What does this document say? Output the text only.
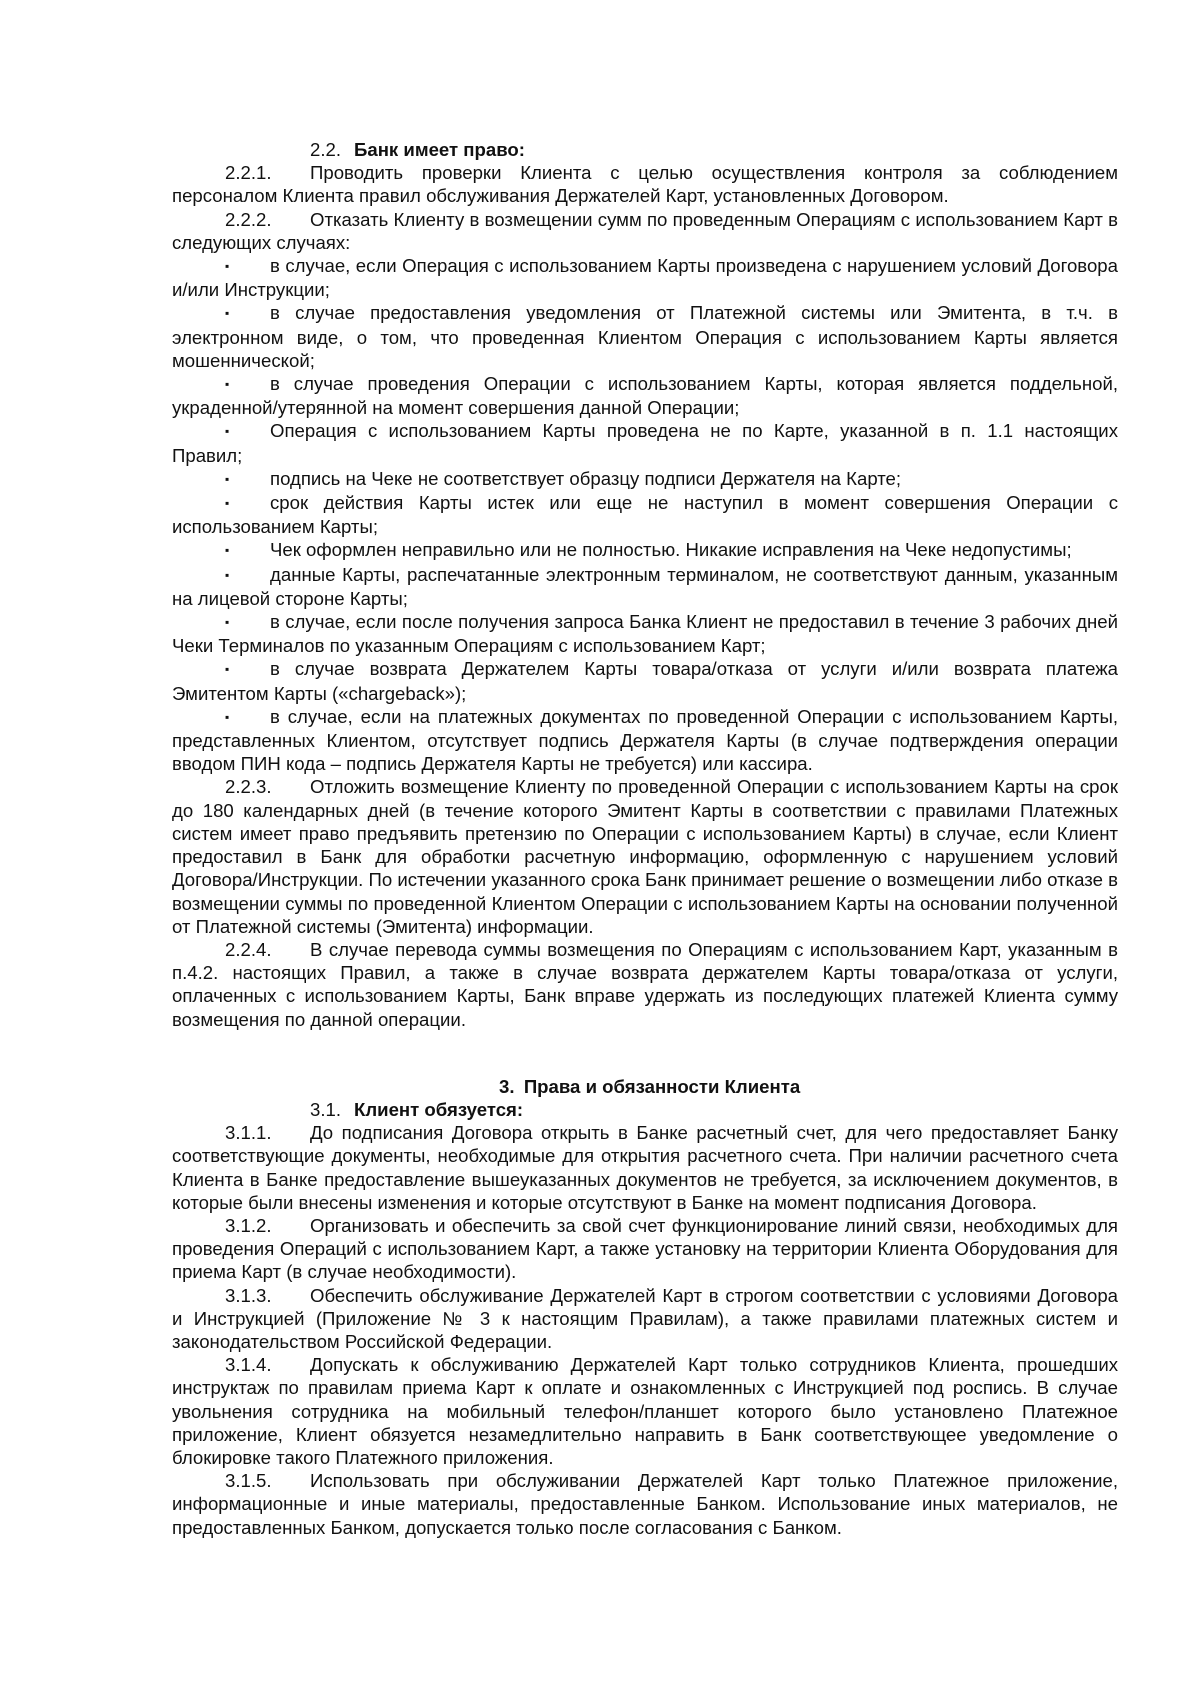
2.2. Банк имеет право:

2.2.1. Проводить проверки Клиента с целью осуществления контроля за соблюдением персоналом Клиента правил обслуживания Держателей Карт, установленных Договором.

2.2.2. Отказать Клиенту в возмещении сумм по проведенным Операциям с использованием Карт в следующих случаях:

▪ в случае, если Операция с использованием Карты произведена с нарушением условий Договора и/или Инструкции;

▪ в случае предоставления уведомления от Платежной системы или Эмитента, в т.ч. в электронном виде, о том, что проведенная Клиентом Операция с использованием Карты является мошеннической;

▪ в случае проведения Операции с использованием Карты, которая является поддельной, украденной/утерянной на момент совершения данной Операции;

▪ Операция с использованием Карты проведена не по Карте, указанной в п. 1.1 настоящих Правил;

▪ подпись на Чеке не соответствует образцу подписи Держателя на Карте;

▪ срок действия Карты истек или еще не наступил в момент совершения Операции с использованием Карты;

▪ Чек оформлен неправильно или не полностью. Никакие исправления на Чеке недопустимы;

▪ данные Карты, распечатанные электронным терминалом, не соответствуют данным, указанным на лицевой стороне Карты;

▪ в случае, если после получения запроса Банка Клиент не предоставил в течение 3 рабочих дней Чеки Терминалов по указанным Операциям с использованием Карт;

▪ в случае возврата Держателем Карты товара/отказа от услуги и/или возврата платежа Эмитентом Карты («chargeback»);

▪ в случае, если на платежных документах по проведенной Операции с использованием Карты, представленных Клиентом, отсутствует подпись Держателя Карты (в случае подтверждения операции вводом ПИН кода – подпись Держателя Карты не требуется) или кассира.

2.2.3. Отложить возмещение Клиенту по проведенной Операции с использованием Карты на срок до 180 календарных дней (в течение которого Эмитент Карты в соответствии с правилами Платежных систем имеет право предъявить претензию по Операции с использованием Карты) в случае, если Клиент предоставил в Банк для обработки расчетную информацию, оформленную с нарушением условий Договора/Инструкции. По истечении указанного срока Банк принимает решение о возмещении либо отказе в возмещении суммы по проведенной Клиентом Операции с использованием Карты на основании полученной от Платежной системы (Эмитента) информации.

2.2.4. В случае перевода суммы возмещения по Операциям с использованием Карт, указанным в п.4.2. настоящих Правил, а также в случае возврата держателем Карты товара/отказа от услуги, оплаченных с использованием Карты, Банк вправе удержать из последующих платежей Клиента сумму возмещения по данной операции.

3. Права и обязанности Клиента

3.1. Клиент обязуется:

3.1.1. До подписания Договора открыть в Банке расчетный счет, для чего предоставляет Банку соответствующие документы, необходимые для открытия расчетного счета. При наличии расчетного счета Клиента в Банке предоставление вышеуказанных документов не требуется, за исключением документов, в которые были внесены изменения и которые отсутствуют в Банке на момент подписания Договора.

3.1.2. Организовать и обеспечить за свой счет функционирование линий связи, необходимых для проведения Операций с использованием Карт, а также установку на территории Клиента Оборудования для приема Карт (в случае необходимости).

3.1.3. Обеспечить обслуживание Держателей Карт в строгом соответствии с условиями Договора и Инструкцией (Приложение № 3 к настоящим Правилам), а также правилами платежных систем и законодательством Российской Федерации.

3.1.4. Допускать к обслуживанию Держателей Карт только сотрудников Клиента, прошедших инструктаж по правилам приема Карт к оплате и ознакомленных с Инструкцией под роспись. В случае увольнения сотрудника на мобильный телефон/планшет которого было установлено Платежное приложение, Клиент обязуется незамедлительно направить в Банк соответствующее уведомление о блокировке такого Платежного приложения.

3.1.5. Использовать при обслуживании Держателей Карт только Платежное приложение, информационные и иные материалы, предоставленные Банком. Использование иных материалов, не предоставленных Банком, допускается только после согласования с Банком.
